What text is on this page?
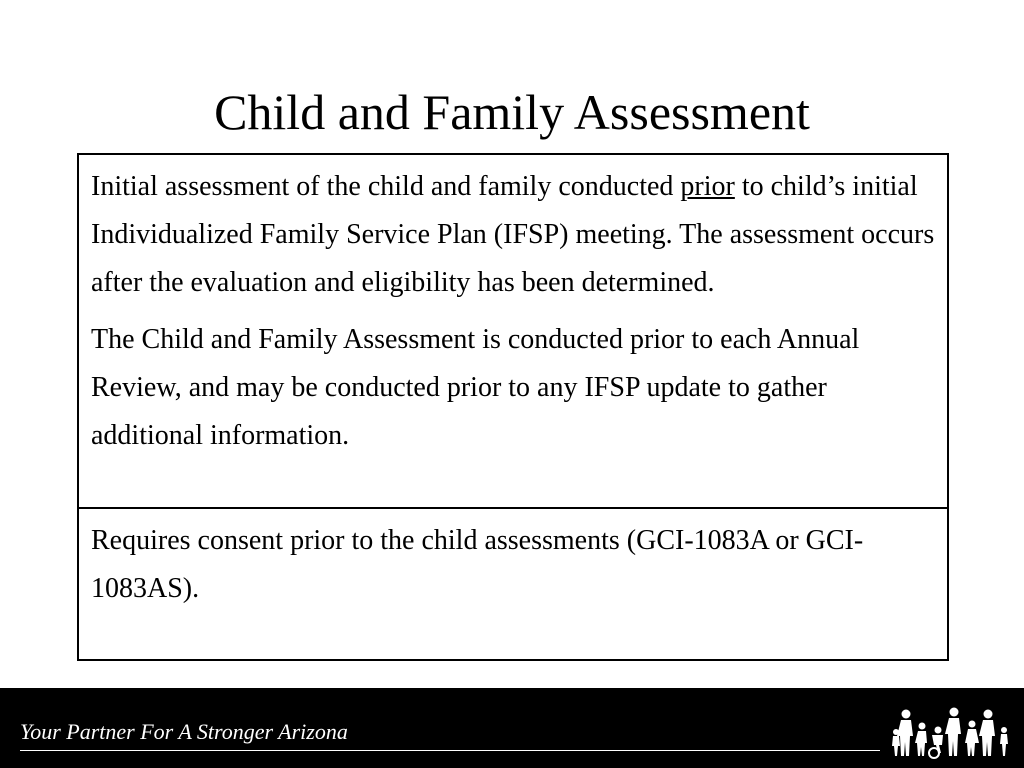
Child and Family Assessment

Initial assessment of the child and family conducted prior to child’s initial Individualized Family Service Plan (IFSP) meeting. The assessment occurs after the evaluation and eligibility has been determined.

The Child and Family Assessment is conducted prior to each Annual Review, and may be conducted prior to any IFSP update to gather additional information.

Requires consent prior to the child assessments (GCI-1083A or GCI-1083AS).

Your Partner For A Stronger Arizona
